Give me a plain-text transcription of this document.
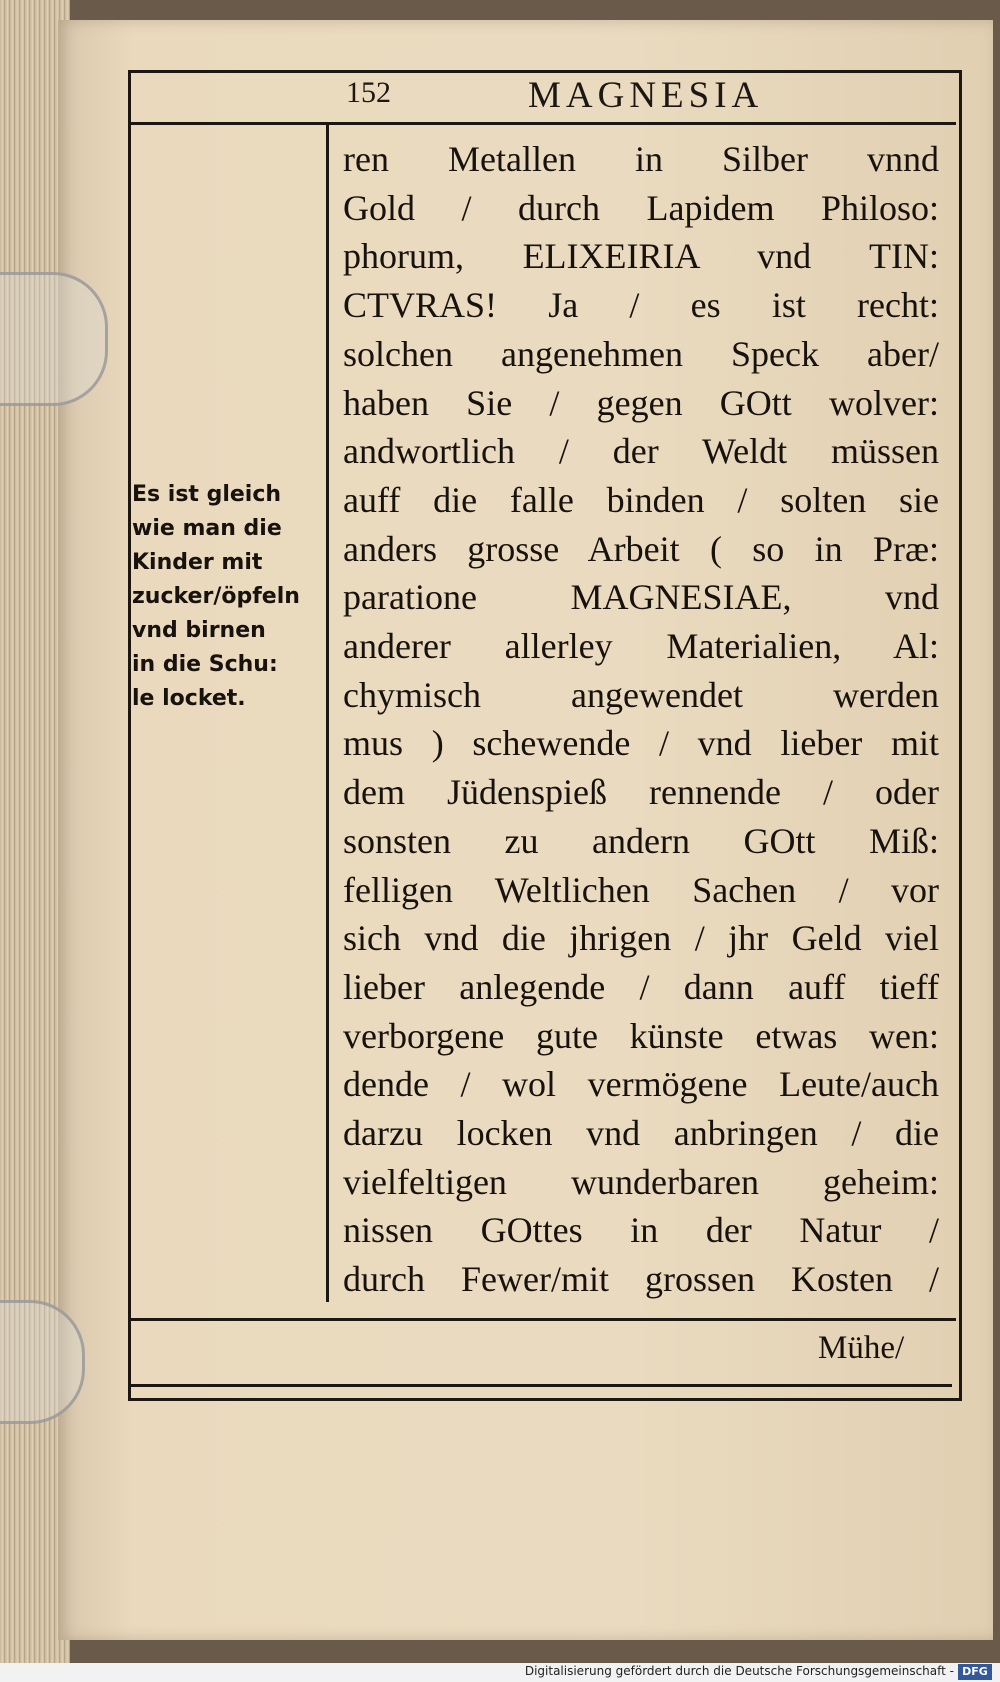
152	MAGNESIA
Es ist gleich
wie man die
Kinder mit
zucker/öpfeln
vnd birnen
in die Schu:
le locket.
ren Metallen in Silber vnnd
Gold / durch Lapidem Philoso:
phorum, ELIXEIRIA vnd TIN:
CTVRAS! Ja / es ist recht:
solchen angenehmen Speck aber/
haben Sie / gegen GOtt wolver:
andwortlich / der Weldt müssen
auff die falle binden / solten sie
anders grosse Arbeit ( so in Præ:
paratione MAGNESIAE, vnd
anderer allerley Materialien, Al:
chymisch angewendet werden
mus ) schewende / vnd lieber mit
dem Jüdenspieß rennende / oder
sonsten zu andern GOtt Miß:
felligen Weltlichen Sachen / vor
sich vnd die jhrigen / jhr Geld viel
lieber anlegende / dann auff tieff
verborgene gute künste etwas wen:
dende / wol vermögene Leute/auch
darzu locken vnd anbringen / die
vielfeltigen wunderbaren geheim:
nissen GOttes in der Natur /
durch Fewer/mit grossen Kosten /
Mühe/
Digitalisierung gefördert durch die Deutsche Forschungsgemeinschaft - DFG
